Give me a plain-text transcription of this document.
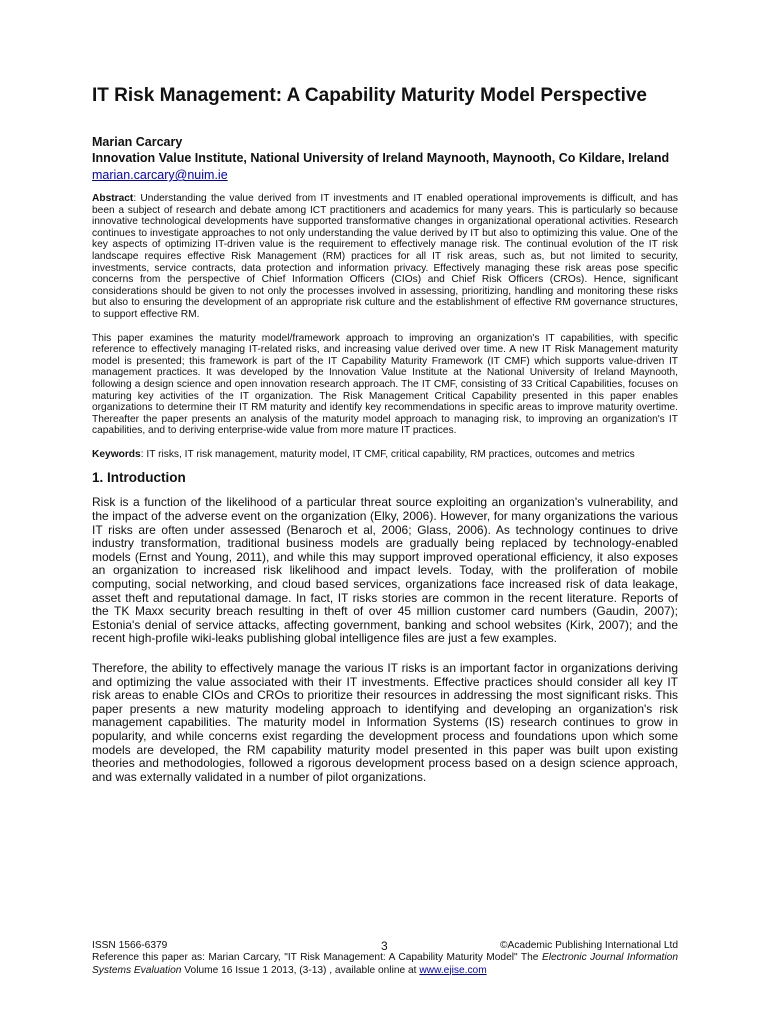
IT Risk Management: A Capability Maturity Model Perspective

Marian Carcary

Innovation Value Institute, National University of Ireland Maynooth, Maynooth, Co Kildare, Ireland

marian.carcary@nuim.ie

Abstract: Understanding the value derived from IT investments and IT enabled operational improvements is difficult, and has been a subject of research and debate among ICT practitioners and academics for many years. This is particularly so because innovative technological developments have supported transformative changes in organizational operational activities. Research continues to investigate approaches to not only understanding the value derived by IT but also to optimizing this value. One of the key aspects of optimizing IT-driven value is the requirement to effectively manage risk. The continual evolution of the IT risk landscape requires effective Risk Management (RM) practices for all IT risk areas, such as, but not limited to security, investments, service contracts, data protection and information privacy. Effectively managing these risk areas pose specific concerns from the perspective of Chief Information Officers (CIOs) and Chief Risk Officers (CROs). Hence, significant considerations should be given to not only the processes involved in assessing, prioritizing, handling and monitoring these risks but also to ensuring the development of an appropriate risk culture and the establishment of effective RM governance structures, to support effective RM.

This paper examines the maturity model/framework approach to improving an organization's IT capabilities, with specific reference to effectively managing IT-related risks, and increasing value derived over time. A new IT Risk Management maturity model is presented; this framework is part of the IT Capability Maturity Framework (IT CMF) which supports value-driven IT management practices. It was developed by the Innovation Value Institute at the National University of Ireland Maynooth, following a design science and open innovation research approach. The IT CMF, consisting of 33 Critical Capabilities, focuses on maturing key activities of the IT organization. The Risk Management Critical Capability presented in this paper enables organizations to determine their IT RM maturity and identify key recommendations in specific areas to improve maturity overtime. Thereafter the paper presents an analysis of the maturity model approach to managing risk, to improving an organization's IT capabilities, and to deriving enterprise-wide value from more mature IT practices.

Keywords: IT risks, IT risk management, maturity model, IT CMF, critical capability, RM practices, outcomes and metrics

1. Introduction

Risk is a function of the likelihood of a particular threat source exploiting an organization's vulnerability, and the impact of the adverse event on the organization (Elky, 2006). However, for many organizations the various IT risks are often under assessed (Benaroch et al, 2006; Glass, 2006). As technology continues to drive industry transformation, traditional business models are gradually being replaced by technology-enabled models (Ernst and Young, 2011), and while this may support improved operational efficiency, it also exposes an organization to increased risk likelihood and impact levels. Today, with the proliferation of mobile computing, social networking, and cloud based services, organizations face increased risk of data leakage, asset theft and reputational damage. In fact, IT risks stories are common in the recent literature. Reports of the TK Maxx security breach resulting in theft of over 45 million customer card numbers (Gaudin, 2007); Estonia's denial of service attacks, affecting government, banking and school websites (Kirk, 2007); and the recent high-profile wiki-leaks publishing global intelligence files are just a few examples.

Therefore, the ability to effectively manage the various IT risks is an important factor in organizations deriving and optimizing the value associated with their IT investments. Effective practices should consider all key IT risk areas to enable CIOs and CROs to prioritize their resources in addressing the most significant risks. This paper presents a new maturity modeling approach to identifying and developing an organization's risk management capabilities. The maturity model in Information Systems (IS) research continues to grow in popularity, and while concerns exist regarding the development process and foundations upon which some models are developed, the RM capability maturity model presented in this paper was built upon existing theories and methodologies, followed a rigorous development process based on a design science approach, and was externally validated in a number of pilot organizations.

ISSN 1566-6379	3	©Academic Publishing International Ltd
Reference this paper as: Marian Carcary, "IT Risk Management: A Capability Maturity Model" The Electronic Journal Information Systems Evaluation Volume 16 Issue 1 2013, (3-13) , available online at www.ejise.com
